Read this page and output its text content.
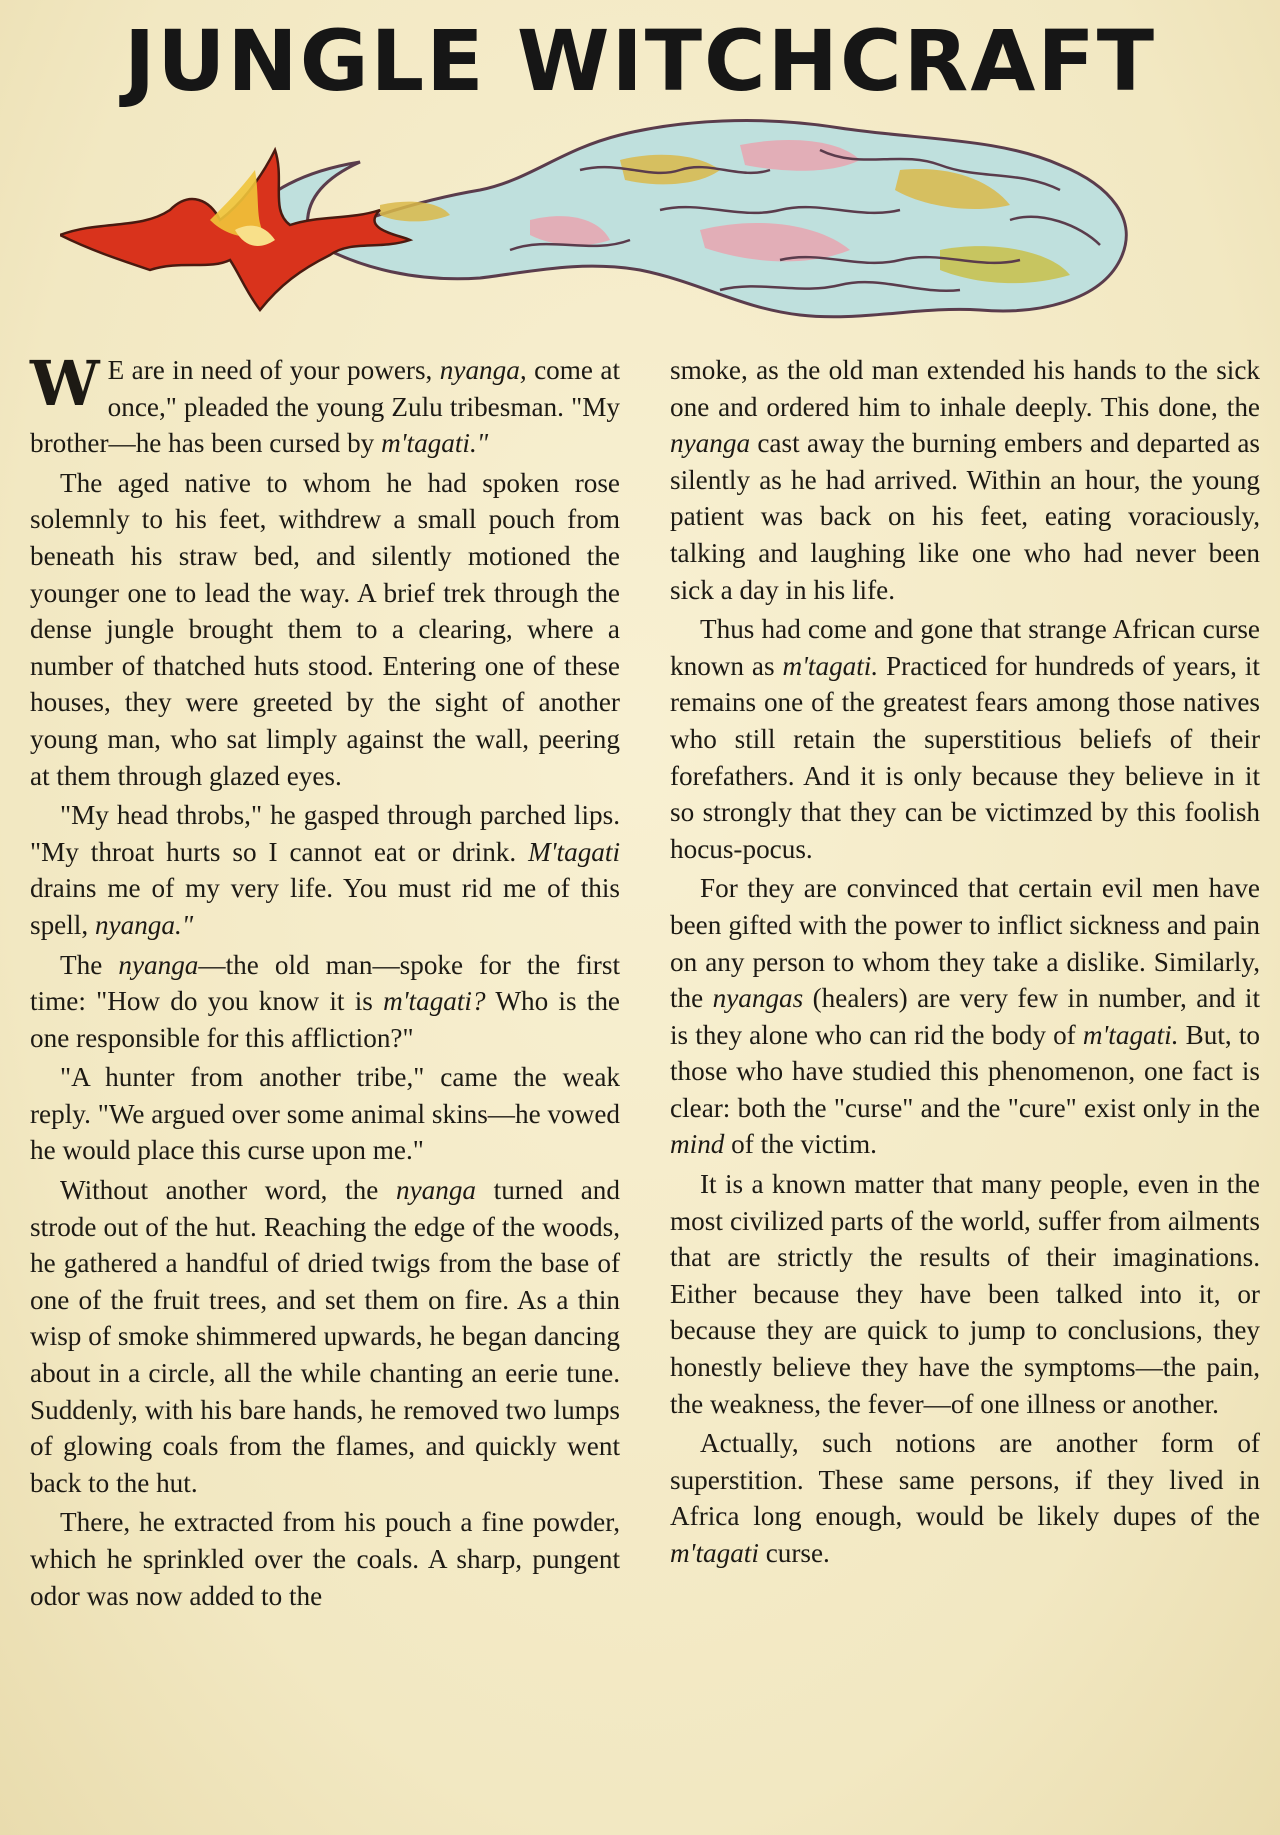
JUNGLE WITCHCRAFT

W E are in need of your powers, nyanga, come at once," pleaded the young Zulu tribesman. "My brother—he has been cursed by m'tagati."

The aged native to whom he had spoken rose solemnly to his feet, withdrew a small pouch from beneath his straw bed, and silently motioned the younger one to lead the way. A brief trek through the dense jungle brought them to a clearing, where a number of thatched huts stood. Entering one of these houses, they were greeted by the sight of another young man, who sat limply against the wall, peering at them through glazed eyes.

"My head throbs," he gasped through parched lips. "My throat hurts so I cannot eat or drink. M'tagati drains me of my very life. You must rid me of this spell, nyanga."

The nyanga—the old man—spoke for the first time: "How do you know it is m'tagati? Who is the one responsible for this affliction?"

"A hunter from another tribe," came the weak reply. "We argued over some animal skins—he vowed he would place this curse upon me."

Without another word, the nyanga turned and strode out of the hut. Reaching the edge of the woods, he gathered a handful of dried twigs from the base of one of the fruit trees, and set them on fire. As a thin wisp of smoke shimmered upwards, he began dancing about in a circle, all the while chanting an eerie tune. Suddenly, with his bare hands, he removed two lumps of glowing coals from the flames, and quickly went back to the hut.

There, he extracted from his pouch a fine powder, which he sprinkled over the coals. A sharp, pungent odor was now added to the

smoke, as the old man extended his hands to the sick one and ordered him to inhale deeply. This done, the nyanga cast away the burning embers and departed as silently as he had arrived. Within an hour, the young patient was back on his feet, eating voraciously, talking and laughing like one who had never been sick a day in his life.

Thus had come and gone that strange African curse known as m'tagati. Practiced for hundreds of years, it remains one of the greatest fears among those natives who still retain the superstitious beliefs of their forefathers. And it is only because they believe in it so strongly that they can be victimzed by this foolish hocus-pocus.

For they are convinced that certain evil men have been gifted with the power to inflict sickness and pain on any person to whom they take a dislike. Similarly, the nyangas (healers) are very few in number, and it is they alone who can rid the body of m'tagati. But, to those who have studied this phenomenon, one fact is clear: both the "curse" and the "cure" exist only in the mind of the victim.

It is a known matter that many people, even in the most civilized parts of the world, suffer from ailments that are strictly the results of their imaginations. Either because they have been talked into it, or because they are quick to jump to conclusions, they honestly believe they have the symptoms—the pain, the weakness, the fever—of one illness or another.

Actually, such notions are another form of superstition. These same persons, if they lived in Africa long enough, would be likely dupes of the m'tagati curse.
